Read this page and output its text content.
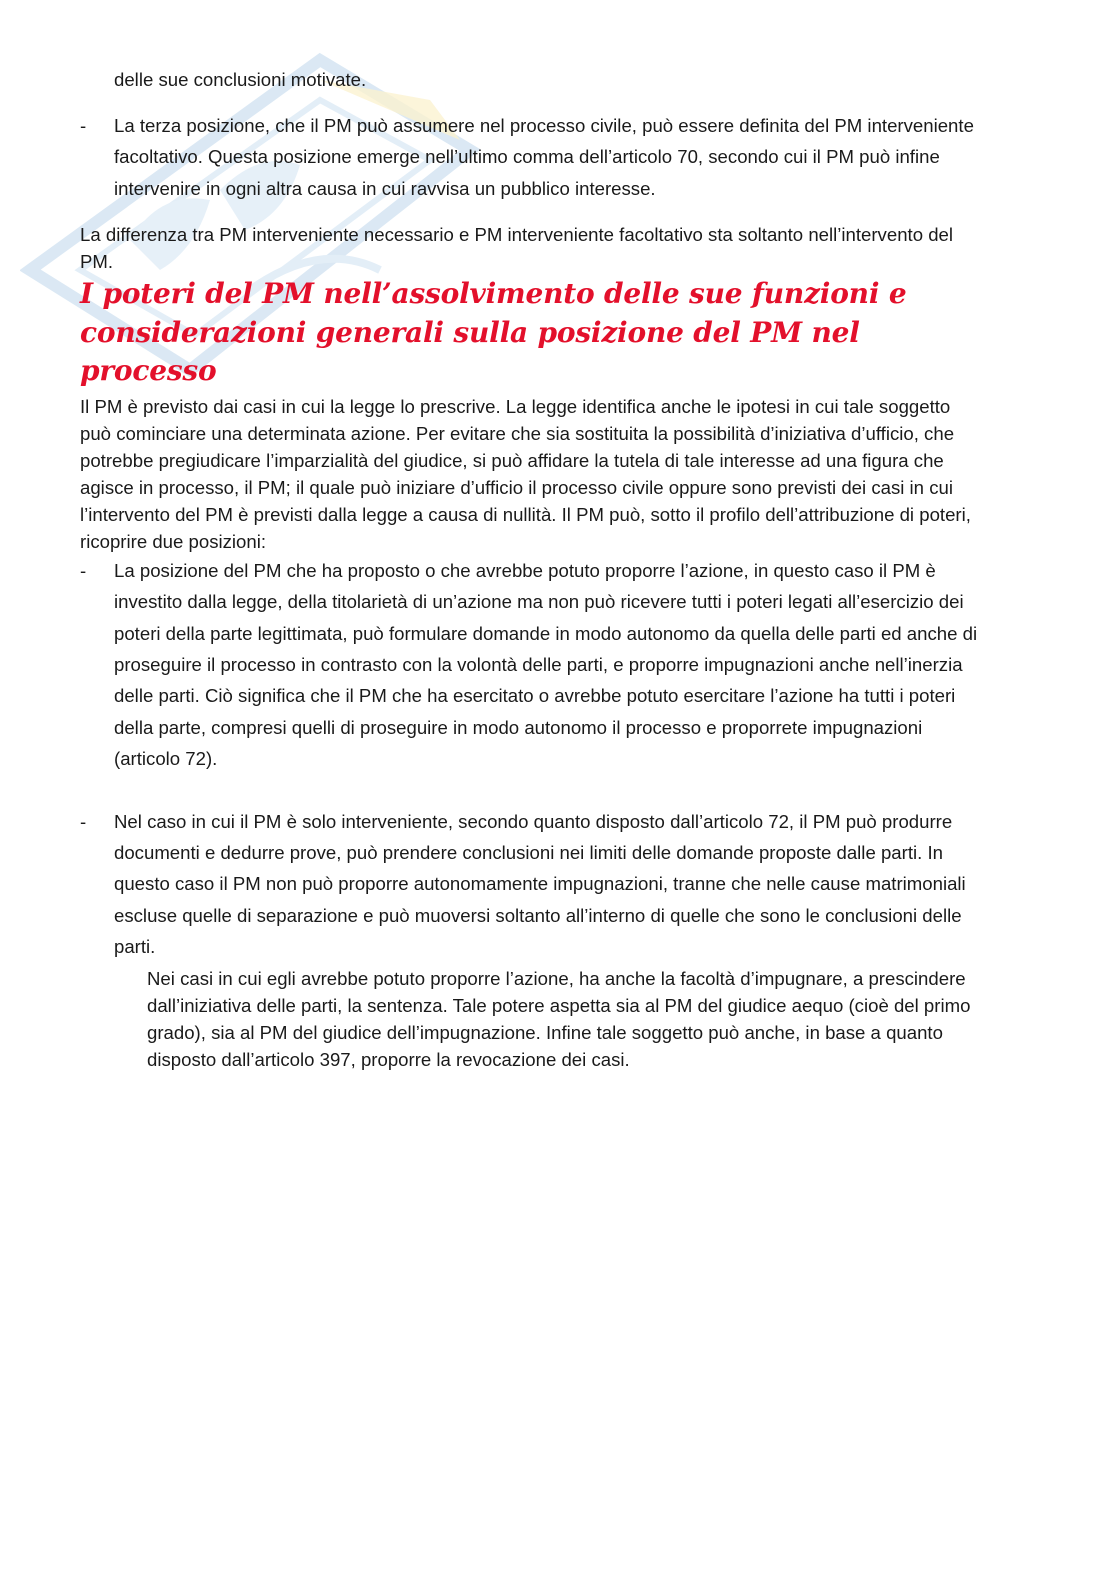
delle sue conclusioni motivate.

- La terza posizione, che il PM può assumere nel processo civile, può essere definita del PM interveniente facoltativo. Questa posizione emerge nell’ultimo comma dell’articolo 70, secondo cui il PM può infine intervenire in ogni altra causa in cui ravvisa un pubblico interesse.

La differenza tra PM interveniente necessario e PM interveniente facoltativo sta soltanto nell’intervento del PM.

I poteri del PM nell’assolvimento delle sue funzioni e considerazioni generali sulla posizione del PM nel processo

Il PM è previsto dai casi in cui la legge lo prescrive. La legge identifica anche le ipotesi in cui tale soggetto può cominciare una determinata azione. Per evitare che sia sostituita la possibilità d’iniziativa d’ufficio, che potrebbe pregiudicare l’imparzialità del giudice, si può affidare la tutela di tale interesse ad una figura che agisce in processo, il PM; il quale può iniziare d’ufficio il processo civile oppure sono previsti dei casi in cui l’intervento del PM è previsti dalla legge a causa di nullità. Il PM può, sotto il profilo dell’attribuzione di poteri, ricoprire due posizioni:

- La posizione del PM che ha proposto o che avrebbe potuto proporre l’azione, in questo caso il PM è investito dalla legge, della titolarietà di un’azione ma non può ricevere tutti i poteri legati all’esercizio dei poteri della parte legittimata, può formulare domande in modo autonomo da quella delle parti ed anche di proseguire il processo in contrasto con la volontà delle parti, e proporre impugnazioni anche nell’inerzia delle parti. Ciò significa che il PM che ha esercitato o avrebbe potuto esercitare l’azione ha tutti i poteri della parte, compresi quelli di proseguire in modo autonomo il processo e proporrete impugnazioni (articolo 72).
- Nel caso in cui il PM è solo interveniente, secondo quanto disposto dall’articolo 72, il PM può produrre documenti e dedurre prove, può prendere conclusioni nei limiti delle domande proposte dalle parti. In questo caso il PM non può proporre autonomamente impugnazioni, tranne che nelle cause matrimoniali escluse quelle di separazione e può muoversi soltanto all’interno di quelle che sono le conclusioni delle parti.

Nei casi in cui egli avrebbe potuto proporre l’azione, ha anche la facoltà d’impugnare, a prescindere dall’iniziativa delle parti, la sentenza. Tale potere aspetta sia al PM del giudice aequo (cioè del primo grado), sia al PM del giudice dell’impugnazione. Infine tale soggetto può anche, in base a quanto disposto dall’articolo 397, proporre la revocazione dei casi.
